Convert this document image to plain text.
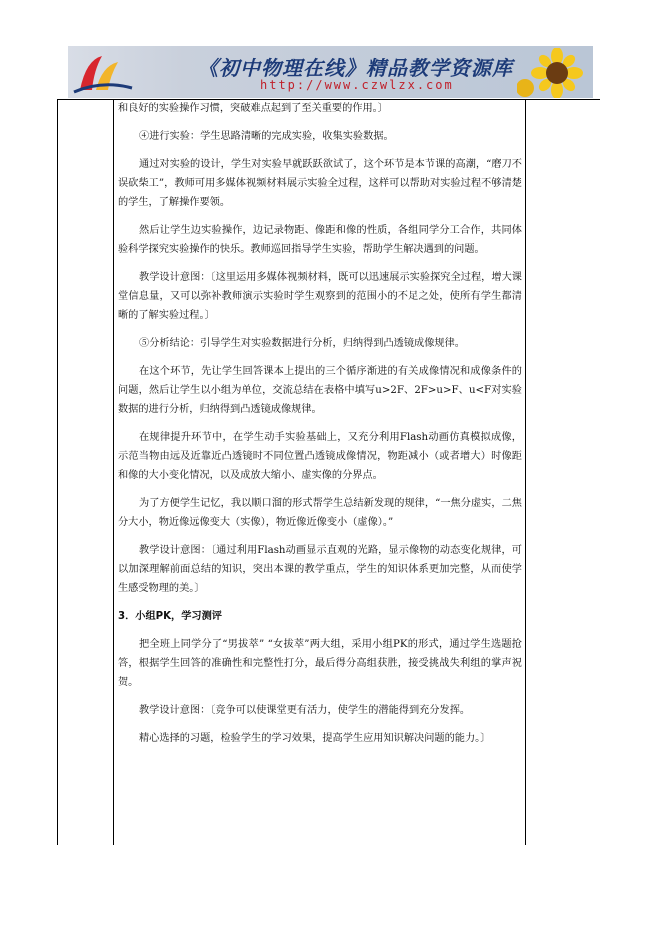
《初中物理在线》精品教学资源库
http://www.czwlzx.com

和良好的实验操作习惯，突破难点起到了至关重要的作用。〕

④进行实验：学生思路清晰的完成实验，收集实验数据。

通过对实验的设计，学生对实验早就跃跃欲试了，这个环节是本节课的高潮，“磨刀不误砍柴工”，教师可用多媒体视频材料展示实验全过程，这样可以帮助对实验过程不够清楚的学生，了解操作要领。

然后让学生边实验操作，边记录物距、像距和像的性质，各组同学分工合作，共同体验科学探究实验操作的快乐。教师巡回指导学生实验，帮助学生解决遇到的问题。

教学设计意图：〔这里运用多媒体视频材料，既可以迅速展示实验探究全过程，增大课堂信息量，又可以弥补教师演示实验时学生观察到的范围小的不足之处，使所有学生都清晰的了解实验过程。〕

⑤分析结论：引导学生对实验数据进行分析，归纳得到凸透镜成像规律。

在这个环节，先让学生回答课本上提出的三个循序渐进的有关成像情况和成像条件的问题，然后让学生以小组为单位，交流总结在表格中填写u>2F、2F>u>F、u<F对实验数据的进行分析，归纳得到凸透镜成像规律。

在规律提升环节中，在学生动手实验基础上，又充分利用Flash动画仿真模拟成像，示范当物由远及近靠近凸透镜时不同位置凸透镜成像情况，物距减小（或者增大）时像距和像的大小变化情况，以及成放大缩小、虚实像的分界点。

为了方便学生记忆，我以顺口溜的形式帮学生总结新发现的规律，“一焦分虚实，二焦分大小，物近像远像变大（实像），物近像近像变小（虚像）。”

教学设计意图：〔通过利用Flash动画显示直观的光路，显示像物的动态变化规律，可以加深理解前面总结的知识，突出本课的教学重点，学生的知识体系更加完整，从而使学生感受物理的美。〕

3．小组PK，学习测评

把全班上同学分了“男拔萃” “女拔萃”两大组，采用小组PK的形式，通过学生选题抢答，根据学生回答的准确性和完整性打分，最后得分高组获胜，接受挑战失利组的掌声祝贺。

教学设计意图：〔竞争可以使课堂更有活力，使学生的潜能得到充分发挥。

精心选择的习题，检验学生的学习效果，提高学生应用知识解决问题的能力。〕
